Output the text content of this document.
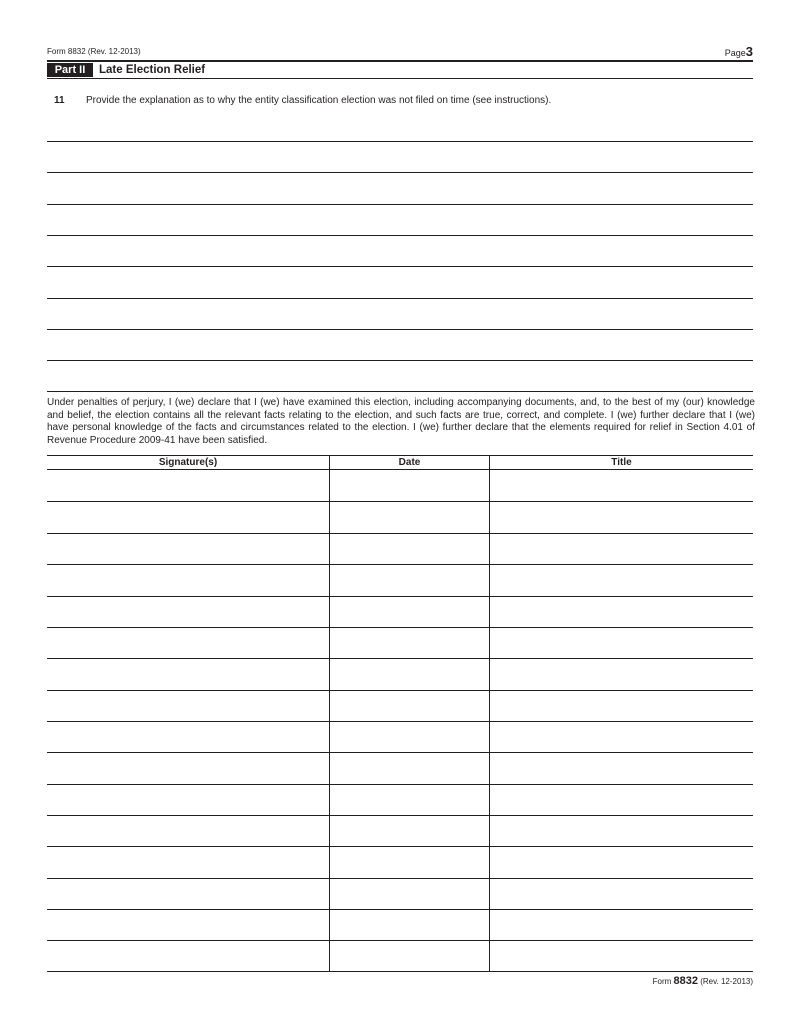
Form 8832 (Rev. 12-2013)	Page3
Part II	Late Election Relief
11 Provide the explanation as to why the entity classification election was not filed on time (see instructions).
Under penalties of perjury, I (we) declare that I (we) have examined this election, including accompanying documents, and, to the best of my (our) knowledge and belief, the election contains all the relevant facts relating to the election, and such facts are true, correct, and complete. I (we) further declare that I (we) have personal knowledge of the facts and circumstances related to the election. I (we) further declare that the elements required for relief in Section 4.01 of Revenue Procedure 2009-41 have been satisfied.
Signature(s)	Date	Title
Form 8832 (Rev. 12-2013)
